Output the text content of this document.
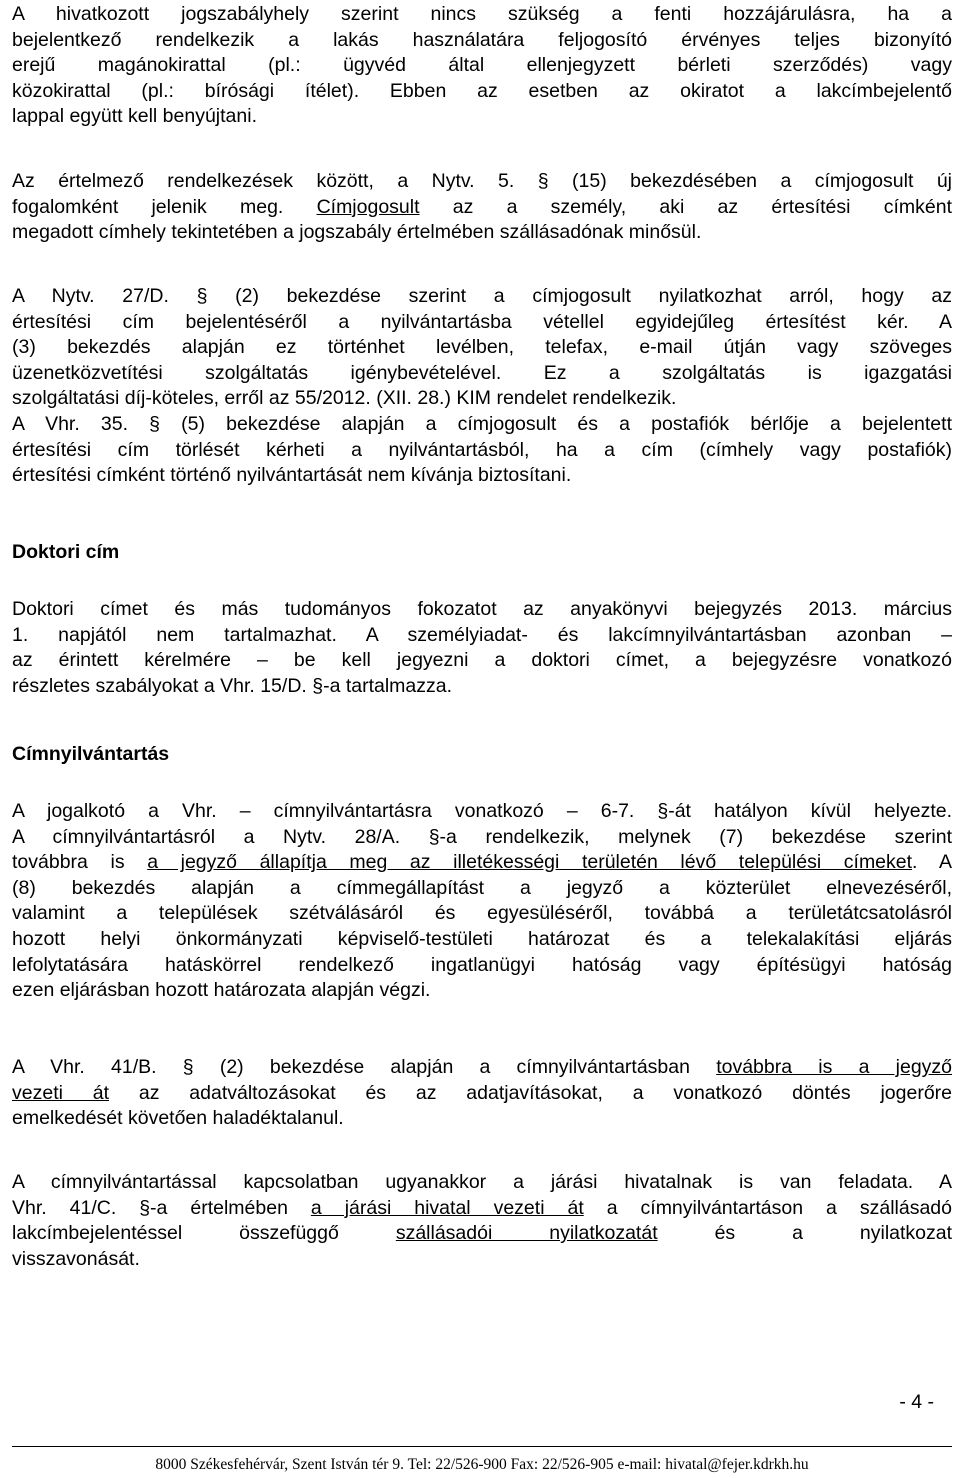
A hivatkozott jogszabályhely szerint nincs szükség a fenti hozzájárulásra, ha a
bejelentkező rendelkezik a lakás használatára feljogosító érvényes teljes bizonyító
erejű magánokirattal (pl.: ügyvéd által ellenjegyzett bérleti szerződés) vagy
közokirattal (pl.: bírósági ítélet). Ebben az esetben az okiratot a lakcímbejelentő
lappal együtt kell benyújtani.
Az értelmező rendelkezések között, a Nytv. 5. § (15) bekezdésében a címjogosult új
fogalomként jelenik meg. Címjogosult az a személy, aki az értesítési címként
megadott címhely tekintetében a jogszabály értelmében szállásadónak minősül.
A Nytv. 27/D. § (2) bekezdése szerint a címjogosult nyilatkozhat arról, hogy az
értesítési cím bejelentéséről a nyilvántartásba vétellel egyidejűleg értesítést kér. A
(3) bekezdés alapján ez történhet levélben, telefax, e-mail útján vagy szöveges
üzenetközvetítési szolgáltatás igénybevételével. Ez a szolgáltatás is igazgatási
szolgáltatási díj-köteles, erről az 55/2012. (XII. 28.) KIM rendelet rendelkezik.
A Vhr. 35. § (5) bekezdése alapján a címjogosult és a postafiók bérlője a bejelentett
értesítési cím törlését kérheti a nyilvántartásból, ha a cím (címhely vagy postafiók)
értesítési címként történő nyilvántartását nem kívánja biztosítani.
Doktori cím
Doktori címet és más tudományos fokozatot az anyakönyvi bejegyzés 2013. március
1. napjától nem tartalmazhat. A személyiadat- és lakcímnyilvántartásban azonban –
az érintett kérelmére – be kell jegyezni a doktori címet, a bejegyzésre vonatkozó
részletes szabályokat a Vhr. 15/D. §-a tartalmazza.
Címnyilvántartás
A jogalkotó a Vhr. – címnyilvántartásra vonatkozó – 6-7. §-át hatályon kívül helyezte.
A címnyilvántartásról a Nytv. 28/A. §-a rendelkezik, melynek (7) bekezdése szerint
továbbra is a jegyző állapítja meg az illetékességi területén lévő települési címeket. A
(8) bekezdés alapján a címmegállapítást a jegyző a közterület elnevezéséről,
valamint a települések szétválásáról és egyesüléséről, továbbá a területátcsatolásról
hozott helyi önkormányzati képviselő-testületi határozat és a telekalakítási eljárás
lefolytatására hatáskörrel rendelkező ingatlanügyi hatóság vagy építésügyi hatóság
ezen eljárásban hozott határozata alapján végzi.
A Vhr. 41/B. § (2) bekezdése alapján a címnyilvántartásban továbbra is a jegyző
vezeti át az adatváltozásokat és az adatjavításokat, a vonatkozó döntés jogerőre
emelkedését követően haladéktalanul.
A címnyilvántartással kapcsolatban ugyanakkor a járási hivatalnak is van feladata. A
Vhr. 41/C. §-a értelmében a járási hivatal vezeti át a címnyilvántartáson a szállásadó
lakcímbejelentéssel összefüggő	szállásadói nyilatkozatát	és a nyilatkozat
visszavonását.
- 4 -
8000 Székesfehérvár, Szent István tér 9. Tel: 22/526-900 Fax: 22/526-905 e-mail: hivatal@fejer.kdrkh.hu
